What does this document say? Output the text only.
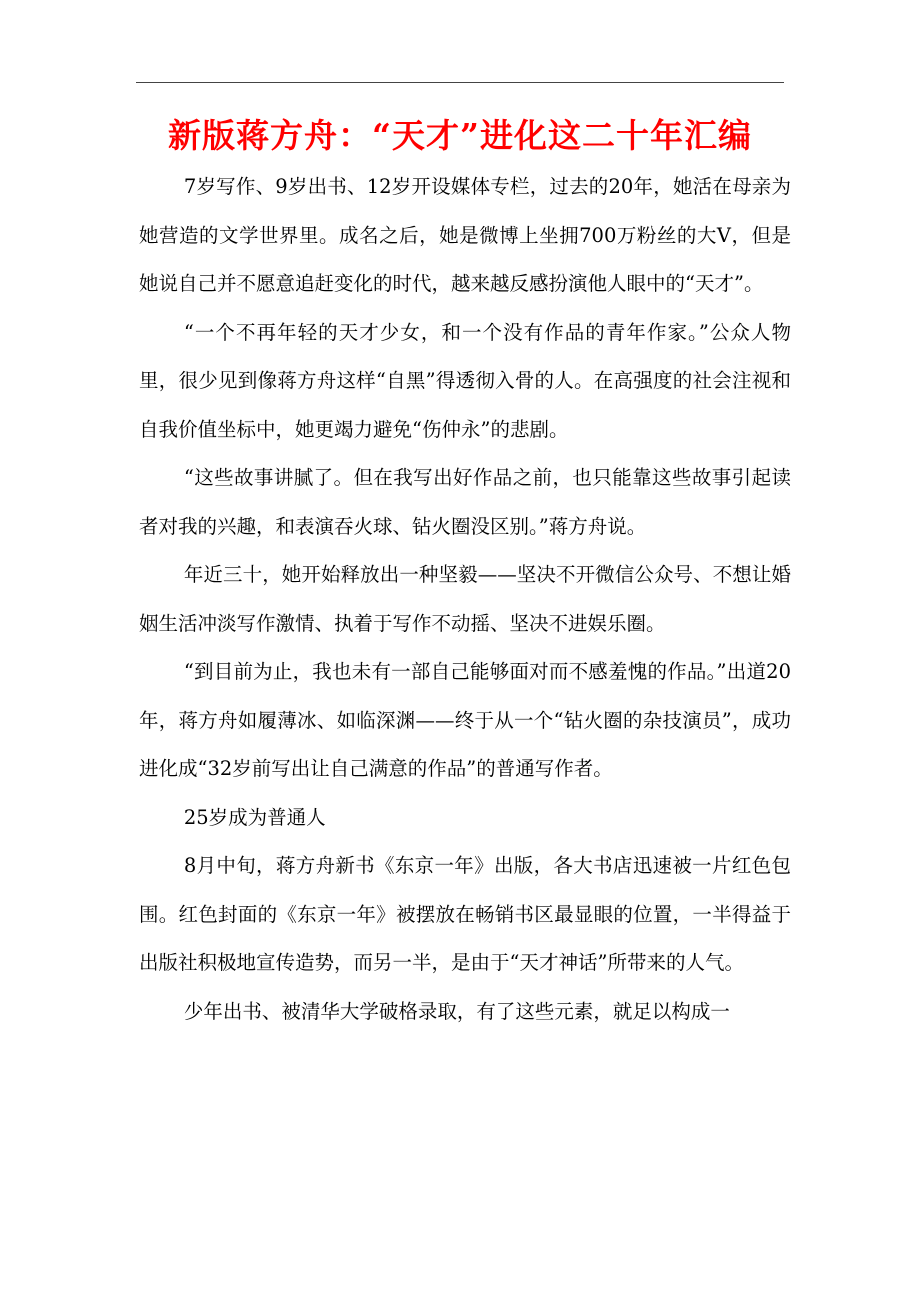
新版蒋方舟：“天才”进化这二十年汇编

7岁写作、9岁出书、12岁开设媒体专栏，过去的20年，她活在母亲为她营造的文学世界里。成名之后，她是微博上坐拥700万粉丝的大V，但是她说自己并不愿意追赶变化的时代，越来越反感扮演他人眼中的“天才”。

“一个不再年轻的天才少女，和一个没有作品的青年作家。”公众人物里，很少见到像蒋方舟这样“自黑”得透彻入骨的人。在高强度的社会注视和自我价值坐标中，她更竭力避免“伤仲永”的悲剧。

“这些故事讲腻了。但在我写出好作品之前，也只能靠这些故事引起读者对我的兴趣，和表演吞火球、钻火圈没区别。”蒋方舟说。

年近三十，她开始释放出一种坚毅——坚决不开微信公众号、不想让婚姻生活冲淡写作激情、执着于写作不动摇、坚决不进娱乐圈。

“到目前为止，我也未有一部自己能够面对而不感羞愧的作品。”出道20年，蒋方舟如履薄冰、如临深渊——终于从一个“钻火圈的杂技演员”，成功进化成“32岁前写出让自己满意的作品”的普通写作者。

25岁成为普通人

8月中旬，蒋方舟新书《东京一年》出版，各大书店迅速被一片红色包围。红色封面的《东京一年》被摆放在畅销书区最显眼的位置，一半得益于出版社积极地宣传造势，而另一半，是由于“天才神话”所带来的人气。

少年出书、被清华大学破格录取，有了这些元素，就足以构成一
